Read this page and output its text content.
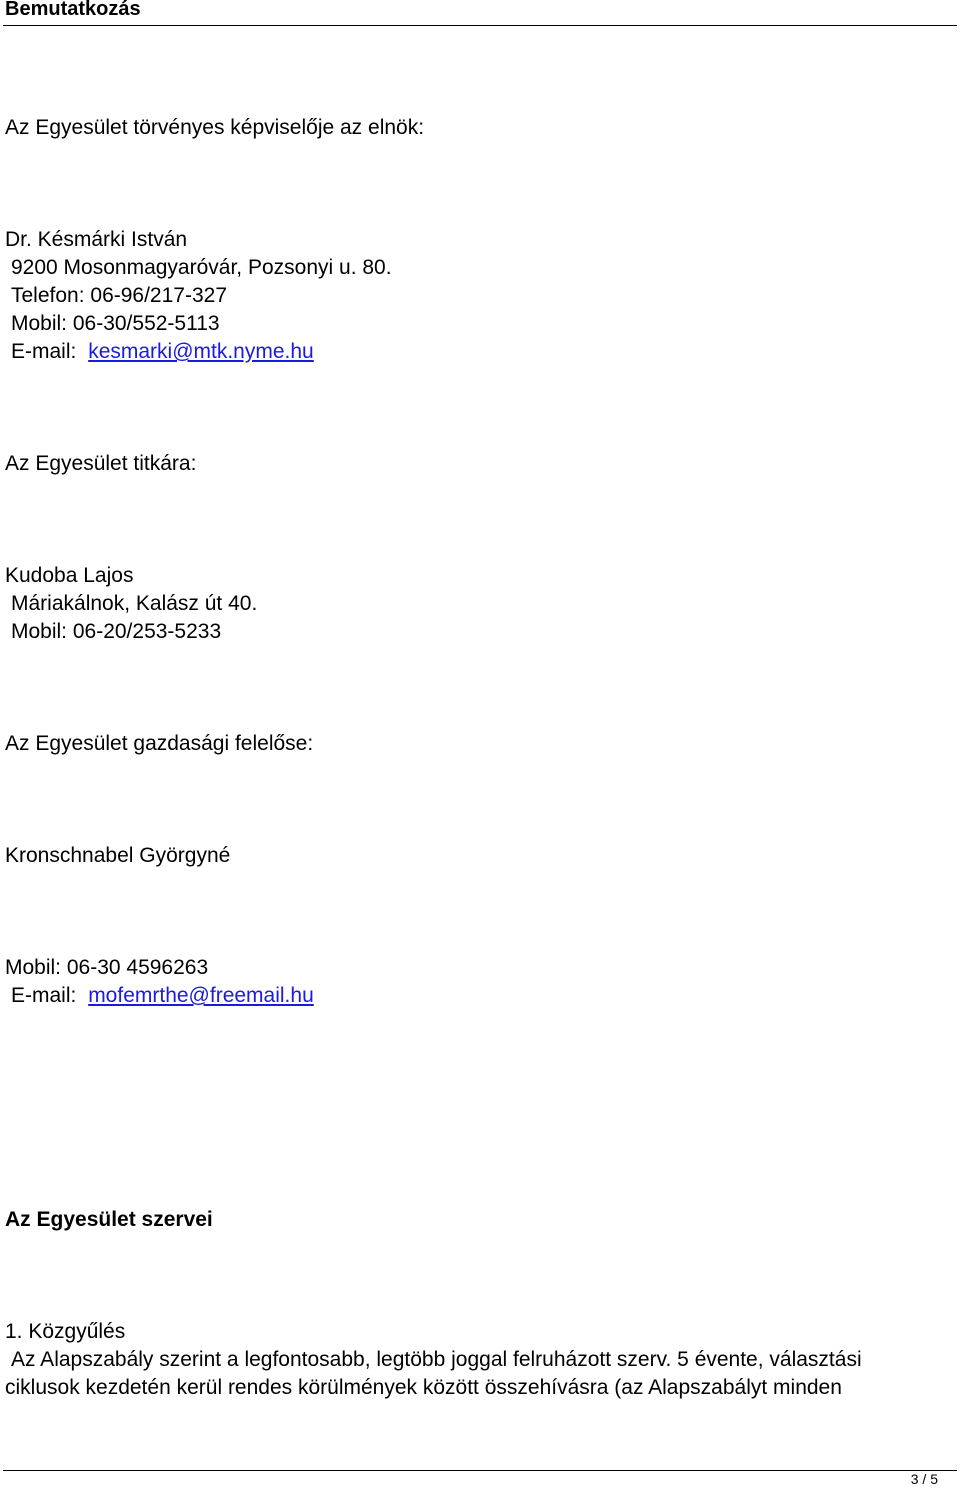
Bemutatkozás
Az Egyesület törvényes képviselője az elnök:
Dr. Késmárki István
9200 Mosonmagyaróvár, Pozsonyi u. 80.
Telefon: 06-96/217-327
Mobil: 06-30/552-5113
E-mail: kesmarki@mtk.nyme.hu
Az Egyesület titkára:
Kudoba Lajos
Máriakálnok, Kalász út 40.
Mobil: 06-20/253-5233
Az Egyesület gazdasági felelőse:
Kronschnabel Györgyné
Mobil: 06-30 4596263
E-mail: mofemrthe@freemail.hu
Az Egyesület szervei
1. Közgyűlés
Az Alapszabály szerint a legfontosabb, legtöbb joggal felruházott szerv. 5 évente, választási
ciklusok kezdetén kerül rendes körülmények között összehívásra (az Alapszabályt minden
3 / 5
